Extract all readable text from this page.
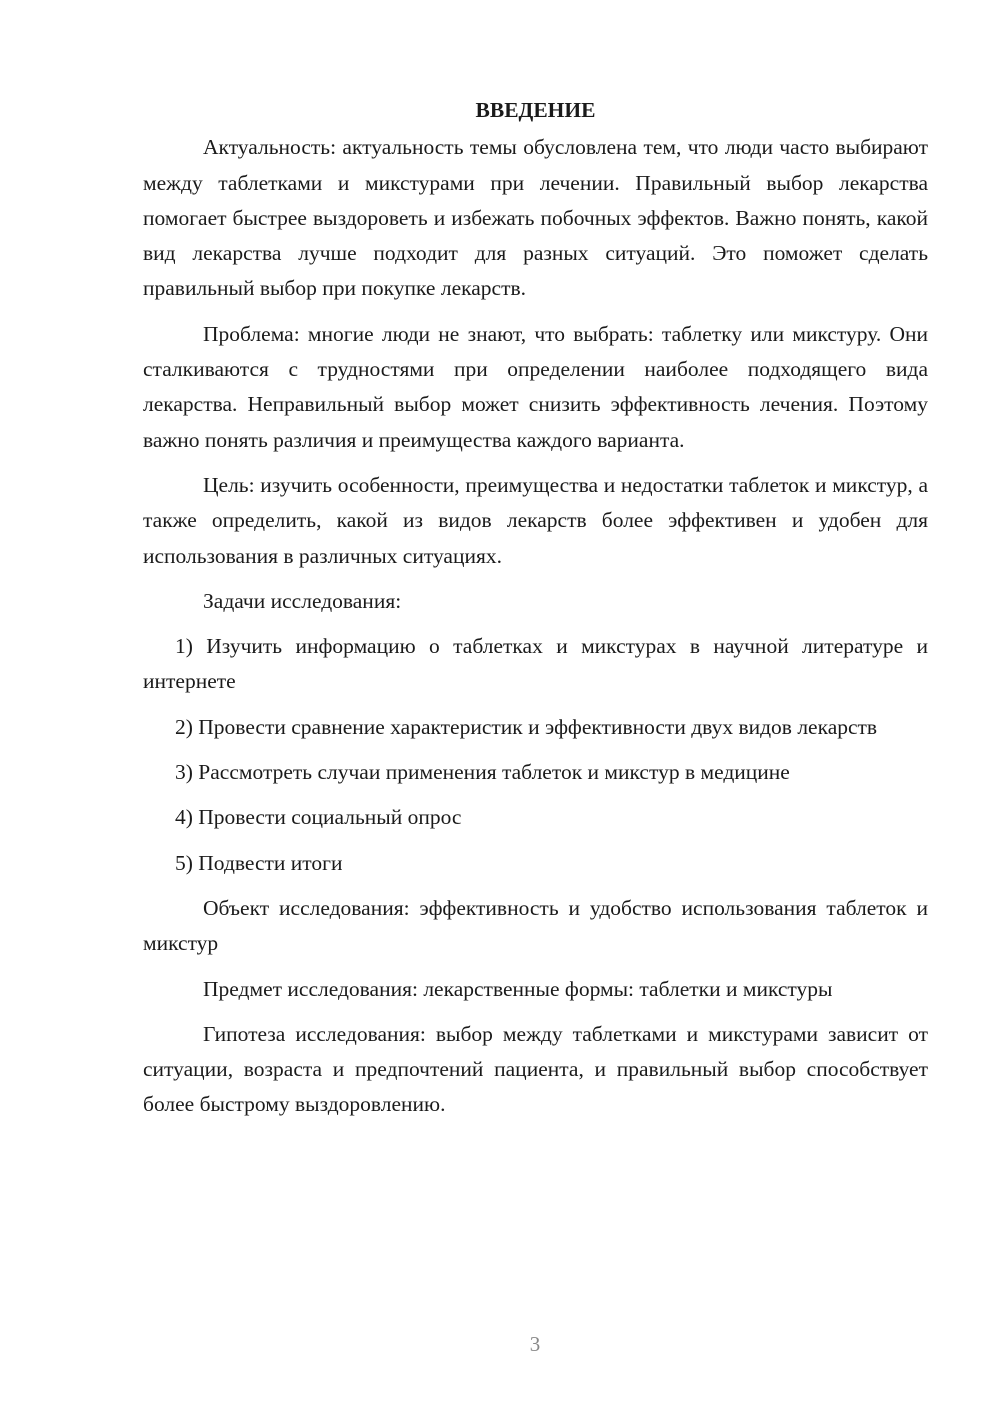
ВВЕДЕНИЕ

Актуальность: актуальность темы обусловлена тем, что люди часто выбирают между таблетками и микстурами при лечении. Правильный выбор лекарства помогает быстрее выздороветь и избежать побочных эффектов. Важно понять, какой вид лекарства лучше подходит для разных ситуаций. Это поможет сделать правильный выбор при покупке лекарств.

Проблема: многие люди не знают, что выбрать: таблетку или микстуру. Они сталкиваются с трудностями при определении наиболее подходящего вида лекарства. Неправильный выбор может снизить эффективность лечения. Поэтому важно понять различия и преимущества каждого варианта.

Цель: изучить особенности, преимущества и недостатки таблеток и микстур, а также определить, какой из видов лекарств более эффективен и удобен для использования в различных ситуациях.

Задачи исследования:

1) Изучить информацию о таблетках и микстурах в научной литературе и интернете
2) Провести сравнение характеристик и эффективности двух видов лекарств
3) Рассмотреть случаи применения таблеток и микстур в медицине
4) Провести социальный опрос
5) Подвести итоги

Объект исследования: эффективность и удобство использования таблеток и микстур

Предмет исследования: лекарственные формы: таблетки и микстуры

Гипотеза исследования: выбор между таблетками и микстурами зависит от ситуации, возраста и предпочтений пациента, и правильный выбор способствует более быстрому выздоровлению.

3
